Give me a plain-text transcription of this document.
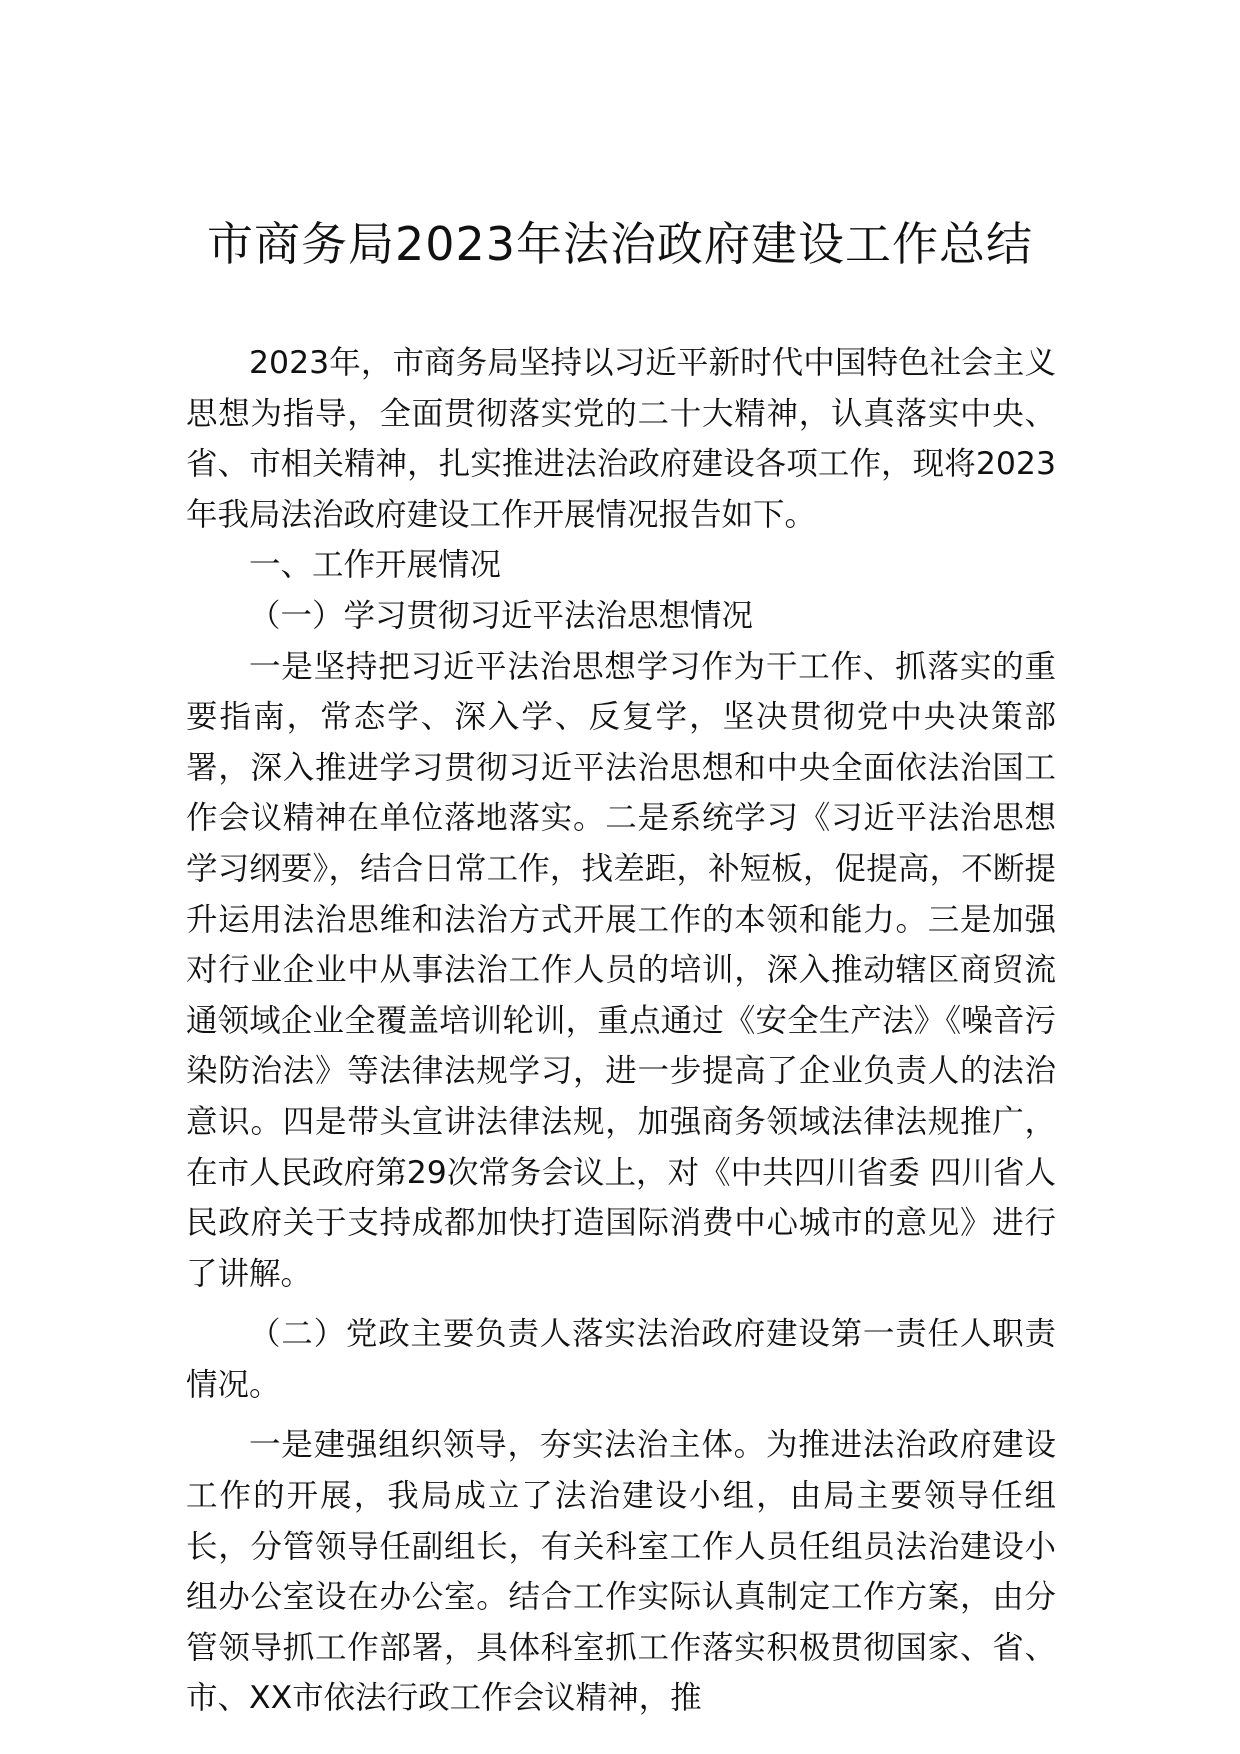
市商务局2023年法治政府建设工作总结

2023年，市商务局坚持以习近平新时代中国特色社会主义思想为指导，全面贯彻落实党的二十大精神，认真落实中央、省、市相关精神，扎实推进法治政府建设各项工作，现将2023年我局法治政府建设工作开展情况报告如下。

一、工作开展情况

（一）学习贯彻习近平法治思想情况

一是坚持把习近平法治思想学习作为干工作、抓落实的重要指南，常态学、深入学、反复学，坚决贯彻党中央决策部署，深入推进学习贯彻习近平法治思想和中央全面依法治国工作会议精神在单位落地落实。二是系统学习《习近平法治思想学习纲要》，结合日常工作，找差距，补短板，促提高，不断提升运用法治思维和法治方式开展工作的本领和能力。三是加强对行业企业中从事法治工作人员的培训，深入推动辖区商贸流通领域企业全覆盖培训轮训，重点通过《安全生产法》《噪音污染防治法》等法律法规学习，进一步提高了企业负责人的法治意识。四是带头宣讲法律法规，加强商务领域法律法规推广，在市人民政府第29次常务会议上，对《中共四川省委 四川省人民政府关于支持成都加快打造国际消费中心城市的意见》进行了讲解。

（二）党政主要负责人落实法治政府建设第一责任人职责情况。

一是建强组织领导，夯实法治主体。为推进法治政府建设工作的开展，我局成立了法治建设小组，由局主要领导任组长，分管领导任副组长，有关科室工作人员任组员法治建设小组办公室设在办公室。结合工作实际认真制定工作方案，由分管领导抓工作部署，具体科室抓工作落实积极贯彻国家、省、市、XX市依法行政工作会议精神，推
